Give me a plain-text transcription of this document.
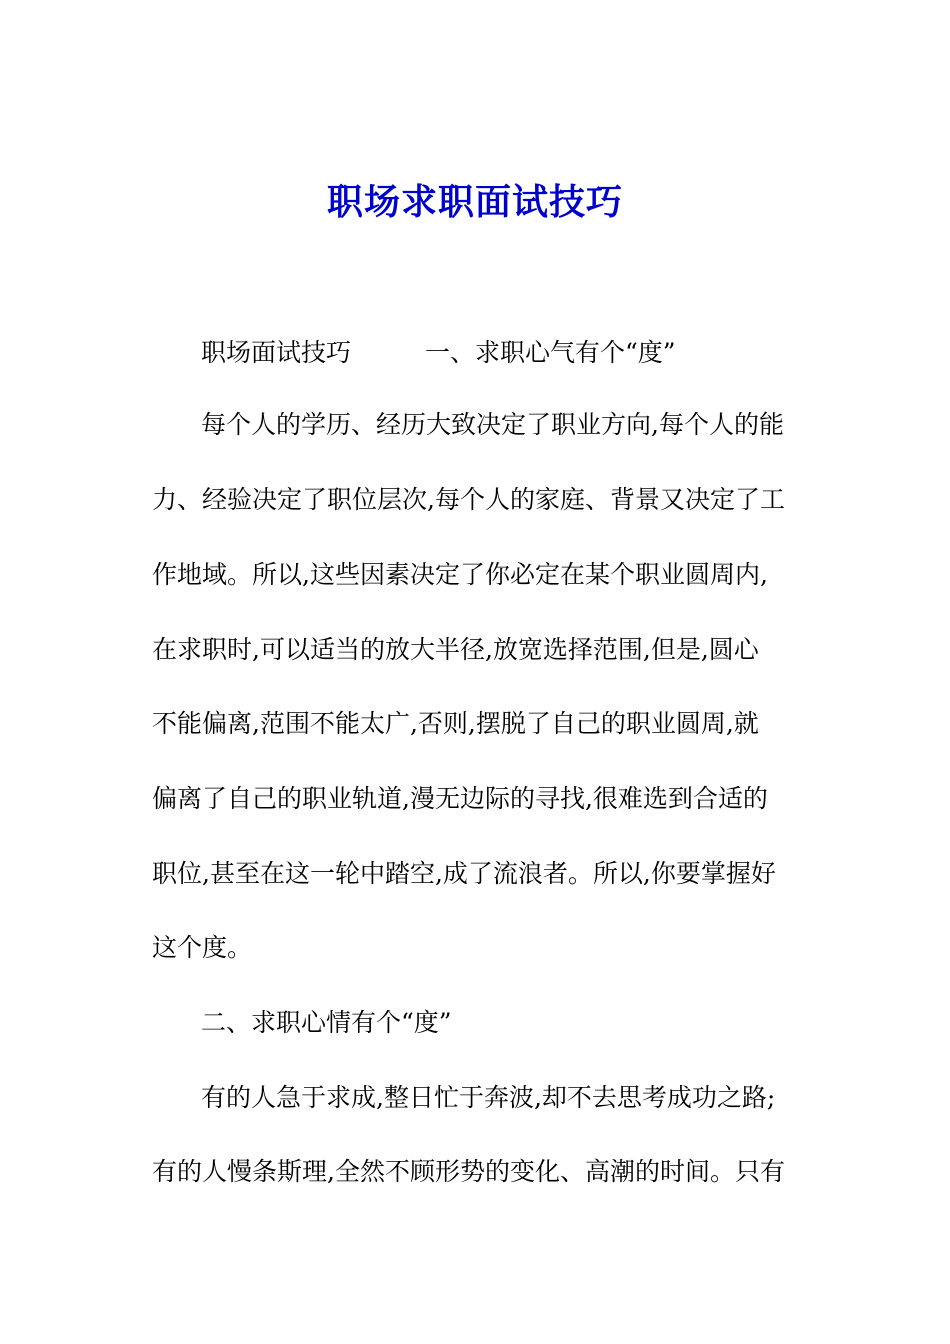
职场求职面试技巧
职场面试技巧	一、求职心气有个“度”
每个人的学历、经历大致决定了职业方向,每个人的能
力、经验决定了职位层次,每个人的家庭、背景又决定了工
作地域。所以,这些因素决定了你必定在某个职业圆周内,
在求职时,可以适当的放大半径,放宽选择范围,但是,圆心
不能偏离,范围不能太广,否则,摆脱了自己的职业圆周,就
偏离了自己的职业轨道,漫无边际的寻找,很难选到合适的
职位,甚至在这一轮中踏空,成了流浪者。所以,你要掌握好
这个度。
二、求职心情有个“度”
有的人急于求成,整日忙于奔波,却不去思考成功之路;
有的人慢条斯理,全然不顾形势的变化、高潮的时间。只有
